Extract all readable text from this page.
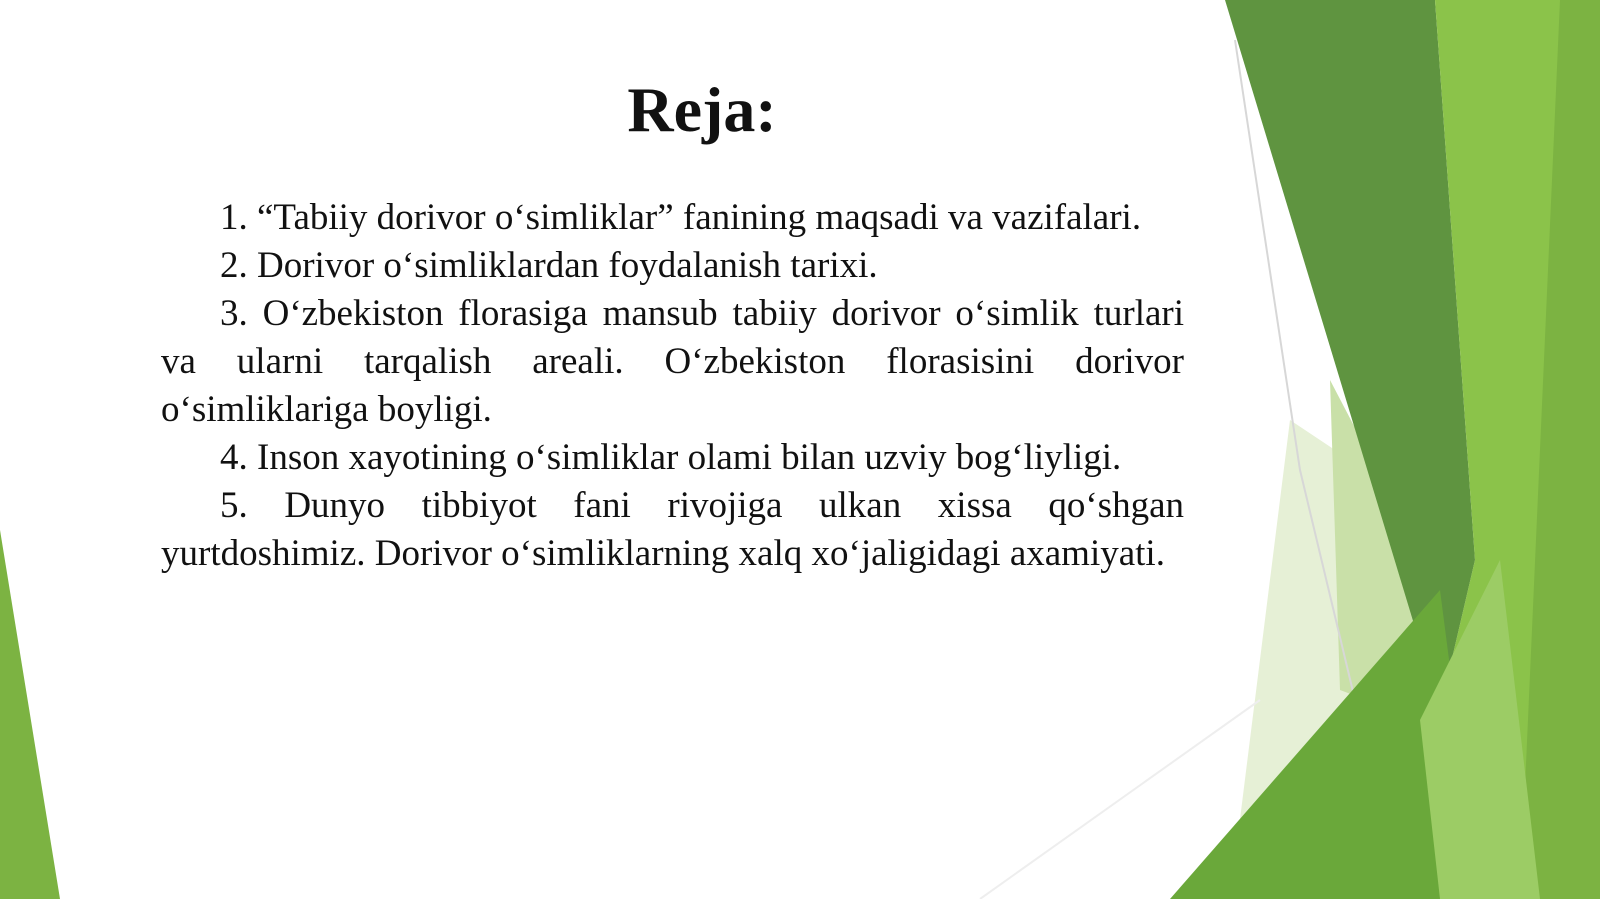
Reja:
1. “Tabiiy dorivor o‘simliklar” fanining maqsadi va vazifalari.
2. Dorivor o‘simliklardan foydalanish tarixi.
3. O‘zbekiston florasiga mansub tabiiy dorivor o‘simlik turlari va ularni tarqalish areali. O‘zbekiston florasisini dorivor o‘simliklariga boyligi.
4. Inson xayotining o‘simliklar olami bilan uzviy bog‘liyligi.
5. Dunyo tibbiyot fani rivojiga ulkan xissa qo‘shgan yurtdoshimiz. Dorivor o‘simliklarning xalq xo‘jaligidagi axamiyati.
